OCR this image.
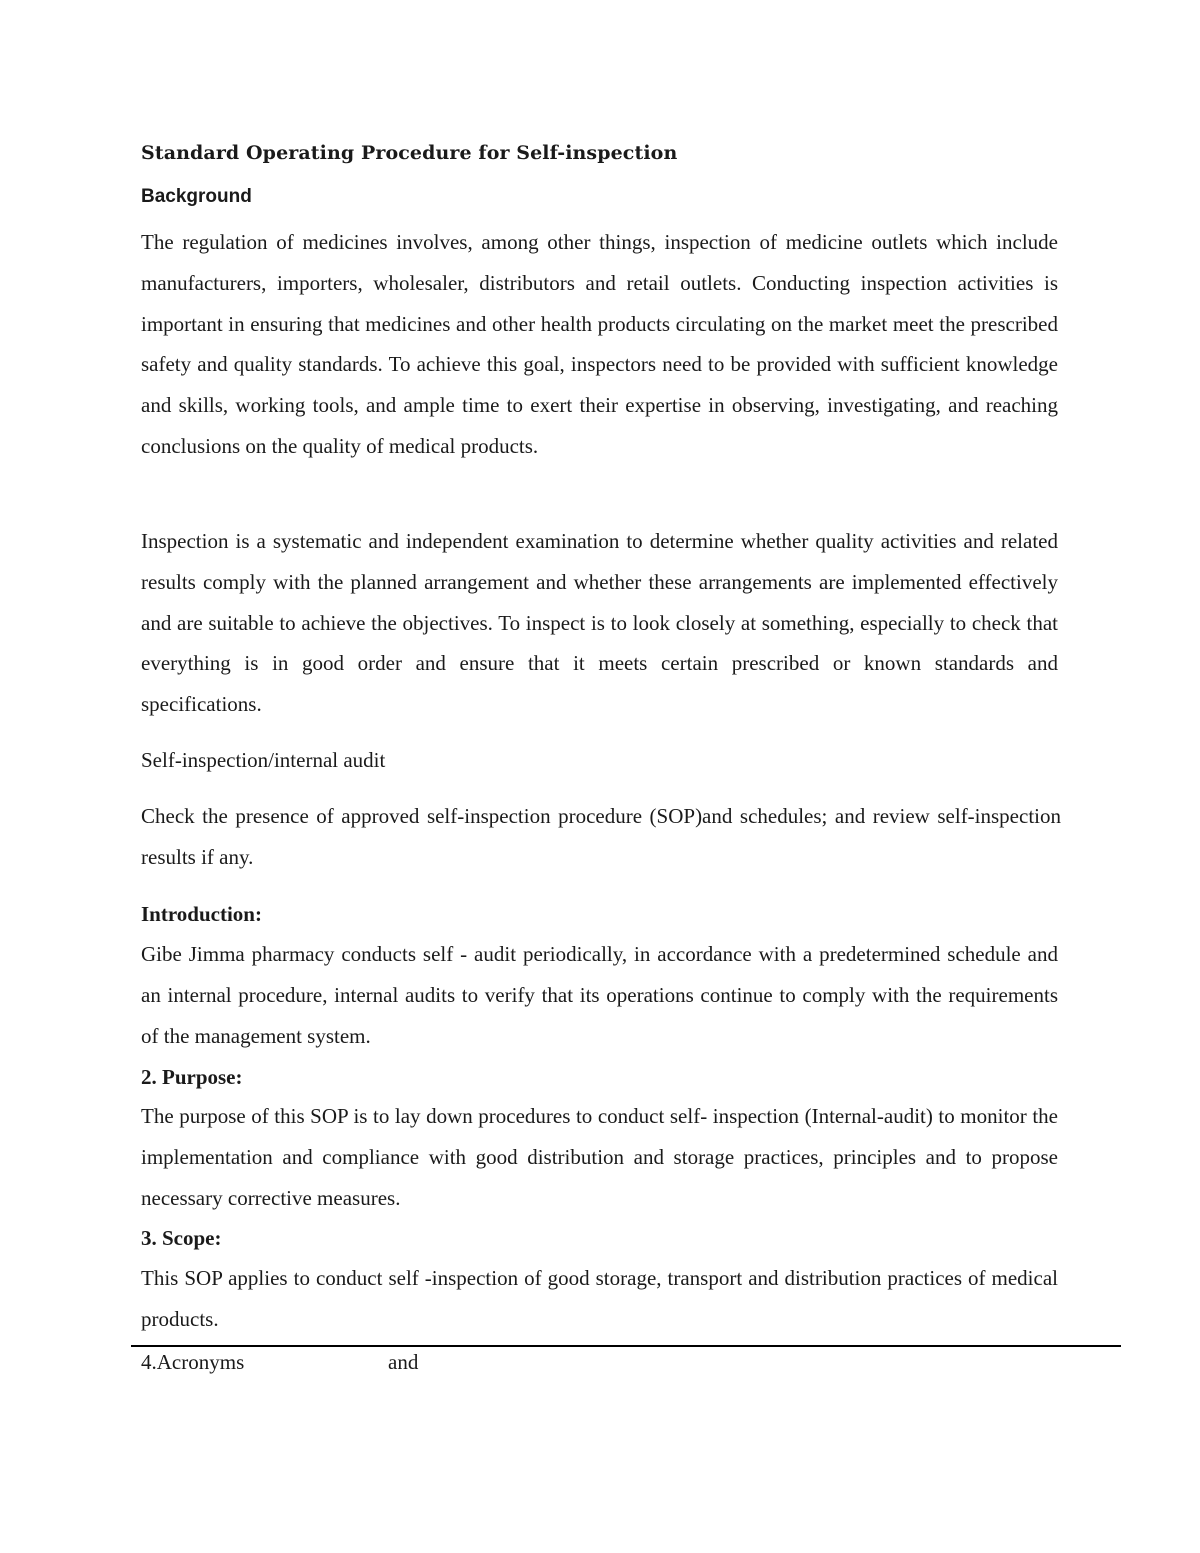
Standard Operating Procedure for Self-inspection
Background

The regulation of medicines involves, among other things, inspection of medicine outlets which include manufacturers, importers, wholesaler, distributors and retail outlets. Conducting inspection activities is important in ensuring that medicines and other health products circulating on the market meet the prescribed safety and quality standards. To achieve this goal, inspectors need to be provided with sufficient knowledge and skills, working tools, and ample time to exert their expertise in observing, investigating, and reaching conclusions on the quality of medical products.

Inspection is a systematic and independent examination to determine whether quality activities and related results comply with the planned arrangement and whether these arrangements are implemented effectively and are suitable to achieve the objectives. To inspect is to look closely at something, especially to check that everything is in good order and ensure that it meets certain prescribed or known standards and specifications.

Self-inspection/internal audit

Check the presence of approved self-inspection procedure (SOP)and schedules; and review self-inspection results if any.

Introduction:

Gibe Jimma pharmacy conducts self - audit periodically, in accordance with a predetermined schedule and an internal procedure, internal audits to verify that its operations continue to comply with the requirements of the management system.

2. Purpose:

The purpose of this SOP is to lay down procedures to conduct self- inspection (Internal-audit) to monitor the implementation and compliance with good distribution and storage practices, principles and to propose necessary corrective measures.

3. Scope:

This SOP applies to conduct self -inspection of good storage, transport and distribution practices of medical products.

4.Acronyms	and
